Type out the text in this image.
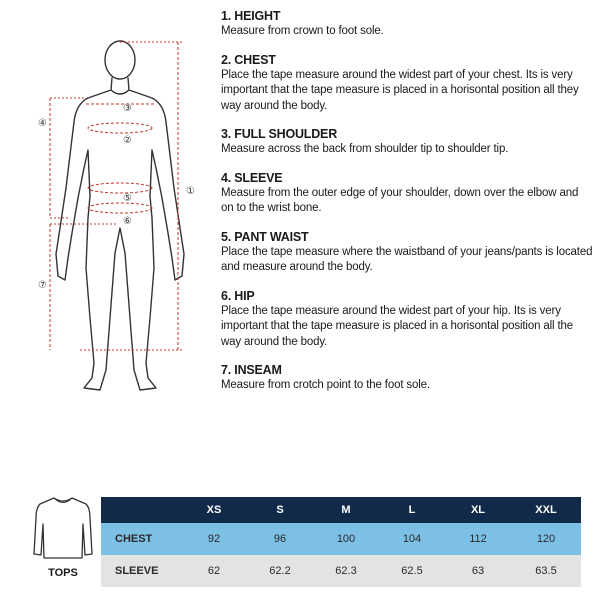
①
②
③
④
⑤
⑥
⑦

1. HEIGHT

Measure from crown to foot sole.

2. CHEST

Place the tape measure around the widest part of your chest. Its is very important that the tape measure is placed in a horisontal position all they way around the body.

3. FULL SHOULDER

Measure across the back from shoulder tip to shoulder tip.

4. SLEEVE

Measure from the outer edge of your shoulder, down over the elbow and on to the wrist bone.

5. PANT WAIST

Place the tape measure where the waistband of your jeans/pants is located and measure around the body.

6. HIP

Place the tape measure around the widest part of your hip. Its is very important that the tape measure is placed in a horisontal position all the way around the body.

7. INSEAM

Measure from crotch point to the foot sole.

TOPS
	XS	S	M	L	XL	XXL
CHEST	92	96	100	104	112	120
SLEEVE	62	62.2	62.3	62.5	63	63.5
